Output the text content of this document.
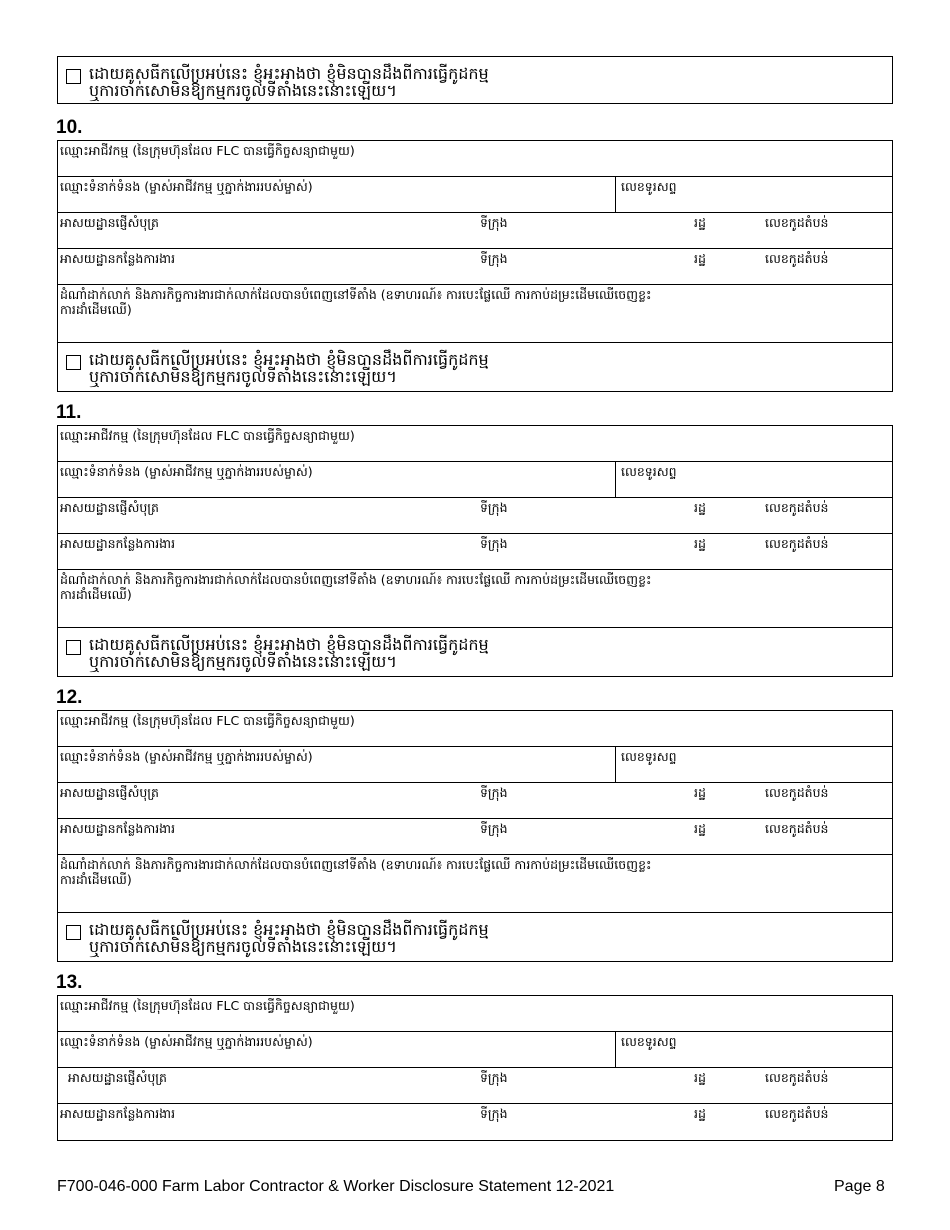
ដោយគូសធីកលើប្រអប់នេះ ខ្ញុំអះអាងថា ខ្ញុំមិនបានដឹងពីការធ្វើកូដកម្ម
ឬការចាក់សោមិនឱ្យកម្មករចូលទីតាំងនេះនោះឡើយ។
10.
ឈ្មោះអាជីវកម្ម (នៃក្រុមហ៊ុនដែល FLC បានធ្វើកិច្ចសន្យាជាមួយ)
ឈ្មោះទំនាក់ទំនង (ម្ចាស់អាជីវកម្ម ឬភ្នាក់ងាររបស់ម្ចាស់)	លេខទូរសព្ទ
អាសយដ្ឋានផ្ញើសំបុត្រ	ទីក្រុង	រដ្ឋ	លេខកូដតំបន់
អាសយដ្ឋានកន្លែងការងារ	ទីក្រុង	រដ្ឋ	លេខកូដតំបន់
ដំណាំដាក់លាក់ និងភារកិច្ចការងារជាក់លាក់ដែលបានបំពេញនៅទីតាំង (ឧទាហរណ៍៖ ការបេះផ្លែឈើ ការកាប់ដម្រះដើមឈើចេញខ្លះ
ការដាំដើមឈើ)
ដោយគូសធីកលើប្រអប់នេះ ខ្ញុំអះអាងថា ខ្ញុំមិនបានដឹងពីការធ្វើកូដកម្ម
ឬការចាក់សោមិនឱ្យកម្មករចូលទីតាំងនេះនោះឡើយ។
11.
ឈ្មោះអាជីវកម្ម (នៃក្រុមហ៊ុនដែល FLC បានធ្វើកិច្ចសន្យាជាមួយ)
ឈ្មោះទំនាក់ទំនង (ម្ចាស់អាជីវកម្ម ឬភ្នាក់ងាររបស់ម្ចាស់)	លេខទូរសព្ទ
អាសយដ្ឋានផ្ញើសំបុត្រ	ទីក្រុង	រដ្ឋ	លេខកូដតំបន់
អាសយដ្ឋានកន្លែងការងារ	ទីក្រុង	រដ្ឋ	លេខកូដតំបន់
ដំណាំដាក់លាក់ និងភារកិច្ចការងារជាក់លាក់ដែលបានបំពេញនៅទីតាំង (ឧទាហរណ៍៖ ការបេះផ្លែឈើ ការកាប់ដម្រះដើមឈើចេញខ្លះ
ការដាំដើមឈើ)
ដោយគូសធីកលើប្រអប់នេះ ខ្ញុំអះអាងថា ខ្ញុំមិនបានដឹងពីការធ្វើកូដកម្ម
ឬការចាក់សោមិនឱ្យកម្មករចូលទីតាំងនេះនោះឡើយ។
12.
ឈ្មោះអាជីវកម្ម (នៃក្រុមហ៊ុនដែល FLC បានធ្វើកិច្ចសន្យាជាមួយ)
ឈ្មោះទំនាក់ទំនង (ម្ចាស់អាជីវកម្ម ឬភ្នាក់ងាររបស់ម្ចាស់)	លេខទូរសព្ទ
អាសយដ្ឋានផ្ញើសំបុត្រ	ទីក្រុង	រដ្ឋ	លេខកូដតំបន់
អាសយដ្ឋានកន្លែងការងារ	ទីក្រុង	រដ្ឋ	លេខកូដតំបន់
ដំណាំដាក់លាក់ និងភារកិច្ចការងារជាក់លាក់ដែលបានបំពេញនៅទីតាំង (ឧទាហរណ៍៖ ការបេះផ្លែឈើ ការកាប់ដម្រះដើមឈើចេញខ្លះ
ការដាំដើមឈើ)
ដោយគូសធីកលើប្រអប់នេះ ខ្ញុំអះអាងថា ខ្ញុំមិនបានដឹងពីការធ្វើកូដកម្ម
ឬការចាក់សោមិនឱ្យកម្មករចូលទីតាំងនេះនោះឡើយ។
13.
ឈ្មោះអាជីវកម្ម (នៃក្រុមហ៊ុនដែល FLC បានធ្វើកិច្ចសន្យាជាមួយ)
ឈ្មោះទំនាក់ទំនង (ម្ចាស់អាជីវកម្ម ឬភ្នាក់ងាររបស់ម្ចាស់)	លេខទូរសព្ទ
អាសយដ្ឋានផ្ញើសំបុត្រ	ទីក្រុង	រដ្ឋ	លេខកូដតំបន់
អាសយដ្ឋានកន្លែងការងារ	ទីក្រុង	រដ្ឋ	លេខកូដតំបន់
F700-046-000 Farm Labor Contractor & Worker Disclosure Statement 12-2021	Page 8
